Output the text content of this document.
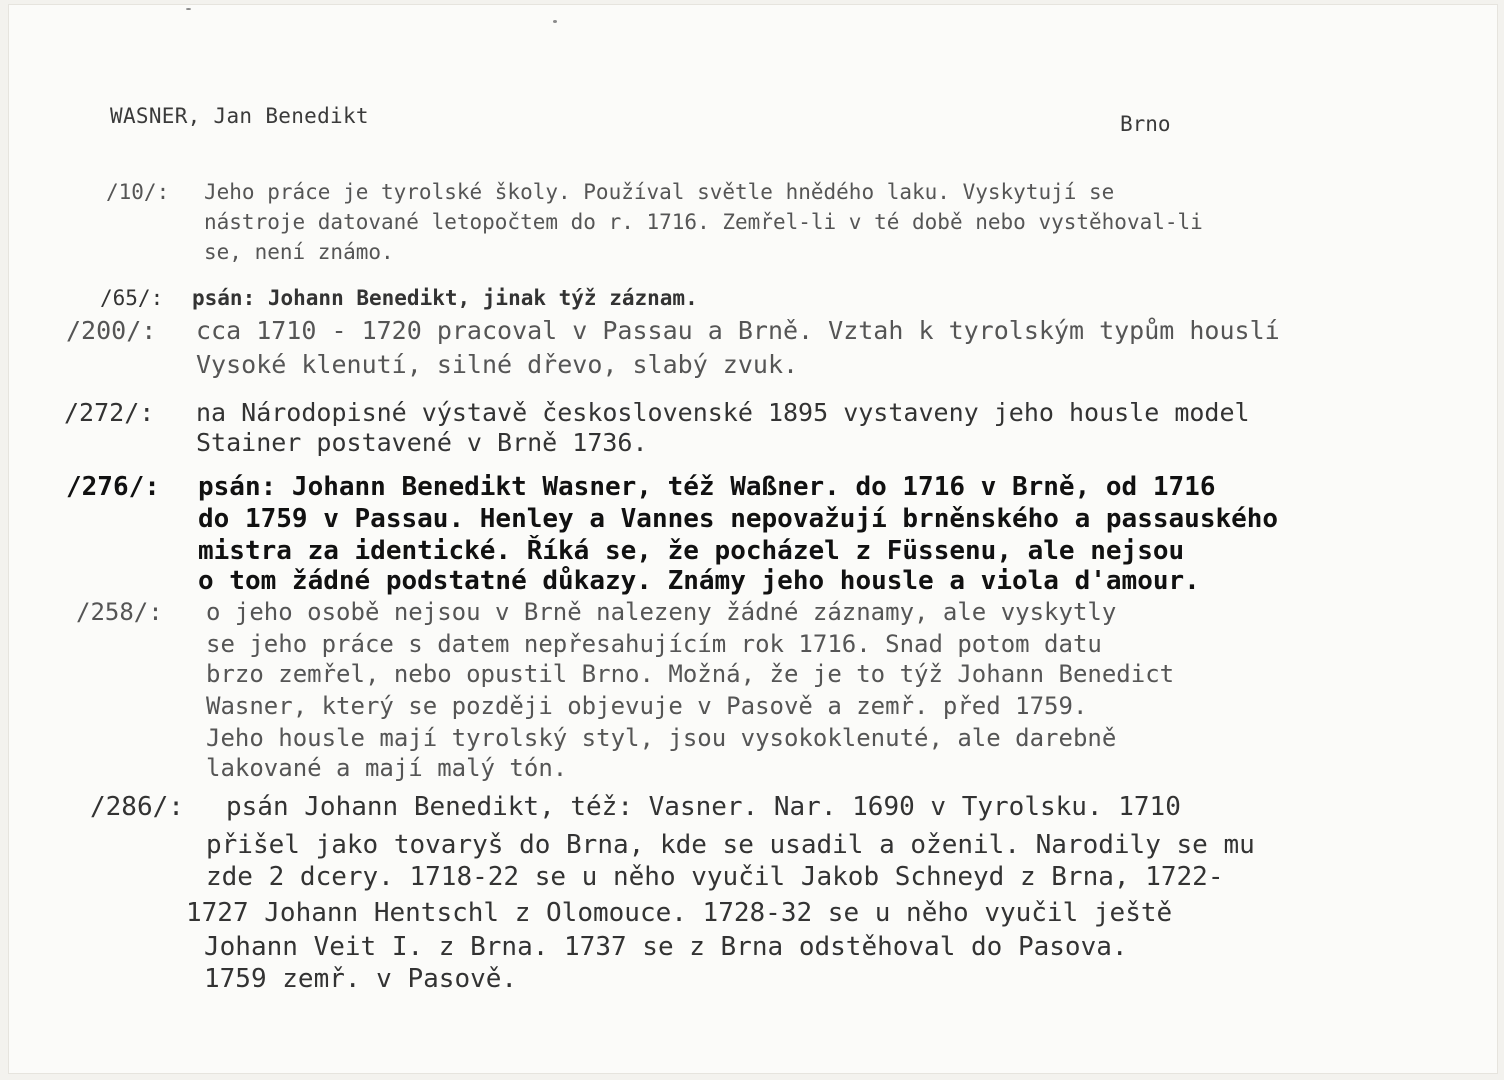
WASNER, Jan Benedikt	Brno
/10/: Jeho práce je tyrolské školy. Používal světle hnědého laku. Vyskytují se
nástroje datované letopočtem do r. 1716. Zemřel-li v té době nebo vystěhoval-li
se, není známo.
/65/: psán: Johann Benedikt, jinak týž záznam.
/200/: cca 1710 - 1720 pracoval v Passau a Brně. Vztah k tyrolským typům houslí
Vysoké klenutí, silné dřevo, slabý zvuk.
/272/: na Národopisné výstavě československé 1895 vystaveny jeho housle model
Stainer postavené v Brně 1736.
/276/: psán: Johann Benedikt Wasner, též Waßner. do 1716 v Brně, od 1716
do 1759 v Passau. Henley a Vannes nepovažují brněnského a passauského
mistra za identické. Říká se, že pocházel z Füssenu, ale nejsou
o tom žádné podstatné důkazy. Známy jeho housle a viola d'amour.
/258/: o jeho osobě nejsou v Brně nalezeny žádné záznamy, ale vyskytly
se jeho práce s datem nepřesahujícím rok 1716. Snad potom datu
brzo zemřel, nebo opustil Brno. Možná, že je to týž Johann Benedict
Wasner, který se později objevuje v Pasově a zemř. před 1759.
Jeho housle mají tyrolský styl, jsou vysokoklenuté, ale darebně
lakované a mají malý tón.
/286/: psán Johann Benedikt, též: Vasner. Nar. 1690 v Tyrolsku. 1710
přišel jako tovaryš do Brna, kde se usadil a oženil. Narodily se mu
zde 2 dcery. 1718-22 se u něho vyučil Jakob Schneyd z Brna, 1722-
1727 Johann Hentschl z Olomouce. 1728-32 se u něho vyučil ještě
Johann Veit I. z Brna. 1737 se z Brna odstěhoval do Pasova.
1759 zemř. v Pasově.
